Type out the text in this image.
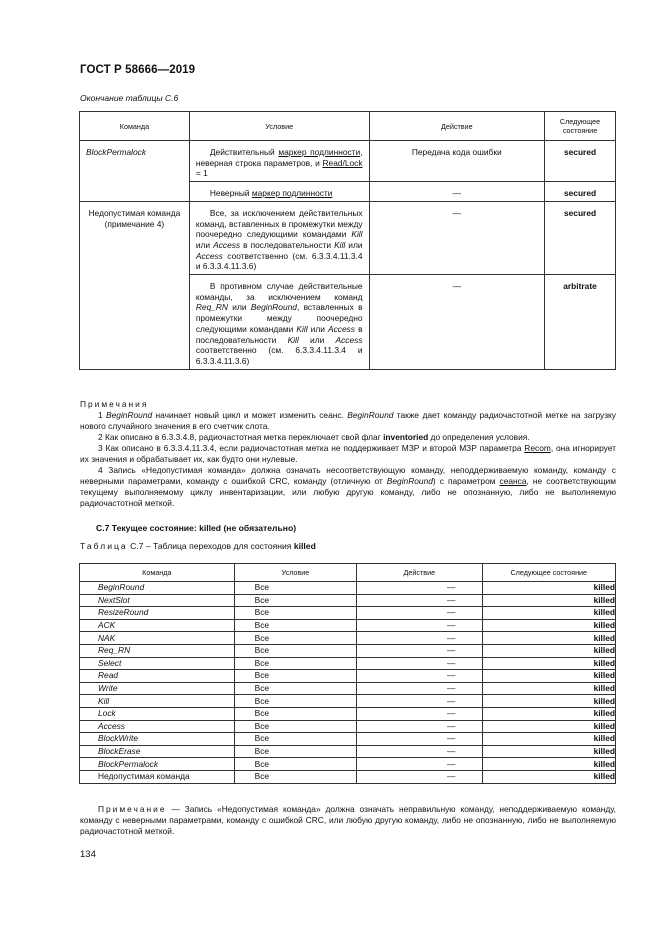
ГОСТ Р 58666—2019
Окончание таблицы С.6
Команда	Условие	Действие	Следующее состояние
BlockPermalock	Действительный маркер подлинности, неверная строка параметров, и Read/Lock = 1	Передача кода ошибки	secured

	Неверный маркер подлинности	—	secured
Недопустимая команда (примечание 4)	Все, за исключением действительных команд, вставленных в промежутки между поочередно следующими командами Kill или Access в последовательности Kill или Access соответственно (см. 6.3.3.4.11.3.4 и 6.3.3.4.11.3.6)	—	secured

	В противном случае действительные команды, за исключением команд Req_RN или BeginRound, вставленных в промежутки между поочередно следующими командами Kill или Access в последовательности Kill или Access соответственно (см. 6.3.3.4.11.3.4 и 6.3.3.4.11.3.6)	—	arbitrate

Примечания

1 BeginRound начинает новый цикл и может изменить сеанс. BeginRound также дает команду радиочастотной метке на загрузку нового случайного значения в его счетчик слота.

2 Как описано в 6.3.3.4.8, радиочастотная метка переключает свой флаг inventoried до определения условия.

3 Как описано в 6.3.3.4.11.3.4, если радиочастотная метка не поддерживает МЗР и второй МЗР параметра Recom, она игнорирует их значения и обрабатывает их, как будто они нулевые.

4 Запись «Недопустимая команда» должна означать несоответствующую команду, неподдерживаемую команду, команду с неверными параметрами, команду с ошибкой CRC, команду (отличную от BeginRound) с параметром сеанса, не соответствующим текущему выполняемому циклу инвентаризации, или любую другую команду, либо не опознанную, либо не выполняемую радиочастотной меткой.

С.7 Текущее состояние: killed (не обязательно)
Таблица С.7 – Таблица переходов для состояния killed
Команда	Условие	Действие	Следующее состояние
BeginRound	Все	—	killed
NextSlot	Все	—	killed
ResizeRound	Все	—	killed
ACK	Все	—	killed
NAK	Все	—	killed
Req_RN	Все	—	killed
Select	Все	—	killed
Read	Все	—	killed
Write	Все	—	killed
Kill	Все	—	killed
Lock	Все	—	killed
Access	Все	—	killed
BlockWrite	Все	—	killed
BlockErase	Все	—	killed
BlockPermalock	Все	—	killed
Недопустимая команда	Все	—	killed
Примечание — Запись «Недопустимая команда» должна означать неправильную команду, неподдерживаемую команду, команду с неверными параметрами, команду с ошибкой CRC, или любую другую команду, либо не опознанную, либо не выполняемую радиочастотной меткой.
134
